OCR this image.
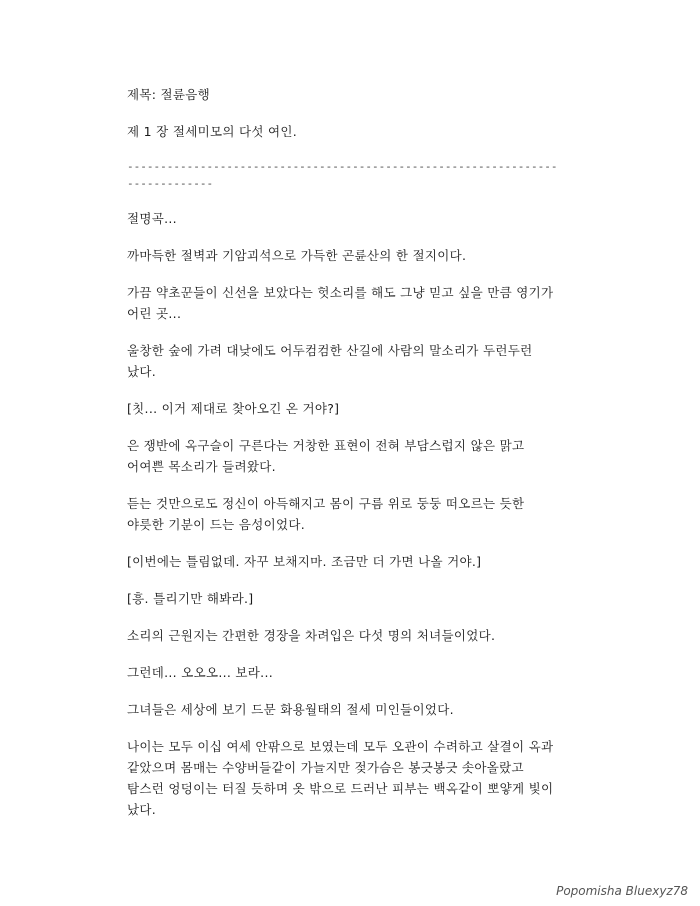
제목: 절륜음행

제 1 장 절세미모의 다섯 여인.

-----------------------------------------------------------------
-------------

절명곡...

까마득한 절벽과 기암괴석으로 가득한 곤륜산의 한 절지이다.

가끔 약초꾼들이 신선을 보았다는 헛소리를 해도 그냥 믿고 싶을 만큼 영기가
어린 곳...

울창한 숲에 가려 대낮에도 어두컴컴한 산길에 사람의 말소리가 두런두런
났다.

[칫... 이거 제대로 찾아오긴 온 거야?]

은 쟁반에 옥구슬이 구른다는 거창한 표현이 전혀 부담스럽지 않은 맑고
어여쁜 목소리가 들려왔다.

듣는 것만으로도 정신이 아득해지고 몸이 구름 위로 둥둥 떠오르는 듯한
야릇한 기분이 드는 음성이었다.

[이번에는 틀림없데. 자꾸 보채지마. 조금만 더 가면 나올 거야.]

[흥. 틀리기만 해봐라.]

소리의 근원지는 간편한 경장을 차려입은 다섯 명의 처녀들이었다.

그런데... 오오오... 보라...

그녀들은 세상에 보기 드문 화용월태의 절세 미인들이었다.

나이는 모두 이십 여세 안팎으로 보였는데 모두 오관이 수려하고 살결이 옥과
같았으며 몸매는 수양버들같이 가늘지만 젖가슴은 봉긋봉긋 솟아올랐고
탐스런 엉덩이는 터질 듯하며 옷 밖으로 드러난 피부는 백옥같이 뽀얗게 빛이
났다.

Popomisha Bluexyz78
